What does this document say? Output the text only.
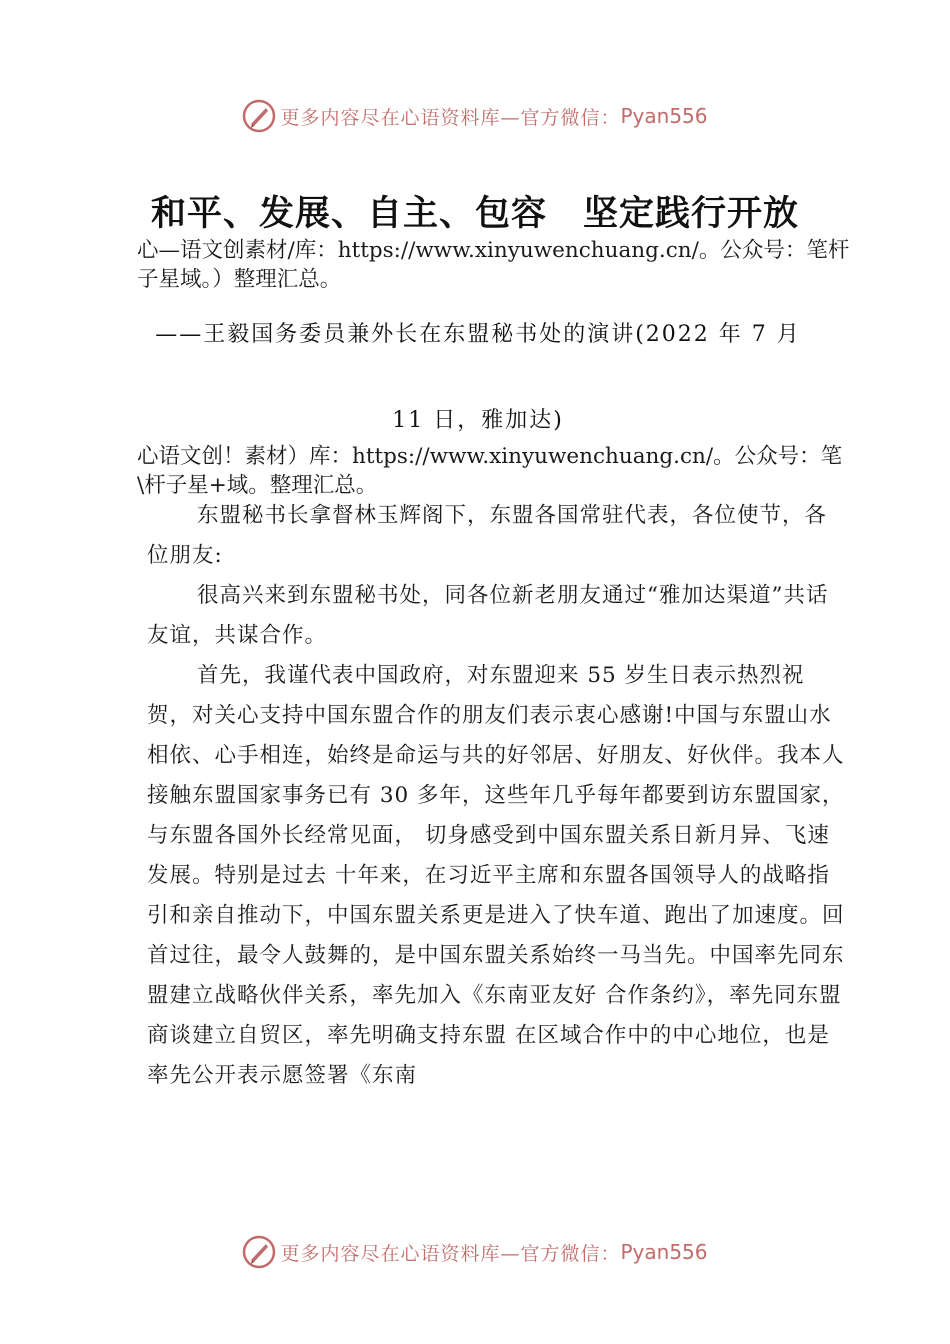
更多内容尽在心语资料库—官方微信： Pyan556
和平、发展、自主、包容　坚定践行开放
心—语文创素材/库：https://www.xinyuwenchuang.cn/。公众号：笔杆子星域。）整理汇总。
——王毅国务委员兼外长在东盟秘书处的演讲(2022 年 7 月
11 日，雅加达)
心语文创！素材）库：https://www.xinyuwenchuang.cn/。公众号：笔\杆子星+域。整理汇总。

东盟秘书长拿督林玉辉阁下，东盟各国常驻代表，各位使节，各位朋友:

很高兴来到东盟秘书处，同各位新老朋友通过“雅加达渠道”共话友谊，共谋合作。

首先，我谨代表中国政府，对东盟迎来 55 岁生日表示热烈祝贺，对关心支持中国东盟合作的朋友们表示衷心感谢!中国与东盟山水相依、心手相连，始终是命运与共的好邻居、好朋友、好伙伴。我本人接触东盟国家事务已有 30 多年，这些年几乎每年都要到访东盟国家，与东盟各国外长经常见面， 切身感受到中国东盟关系日新月异、飞速发展。特别是过去 十年来，在习近平主席和东盟各国领导人的战略指引和亲自推动下，中国东盟关系更是进入了快车道、跑出了加速度。回首过往，最令人鼓舞的，是中国东盟关系始终一马当先。中国率先同东盟建立战略伙伴关系，率先加入《东南亚友好 合作条约》，率先同东盟商谈建立自贸区，率先明确支持东盟 在区域合作中的中心地位，也是率先公开表示愿签署《东南

更多内容尽在心语资料库—官方微信： Pyan556
